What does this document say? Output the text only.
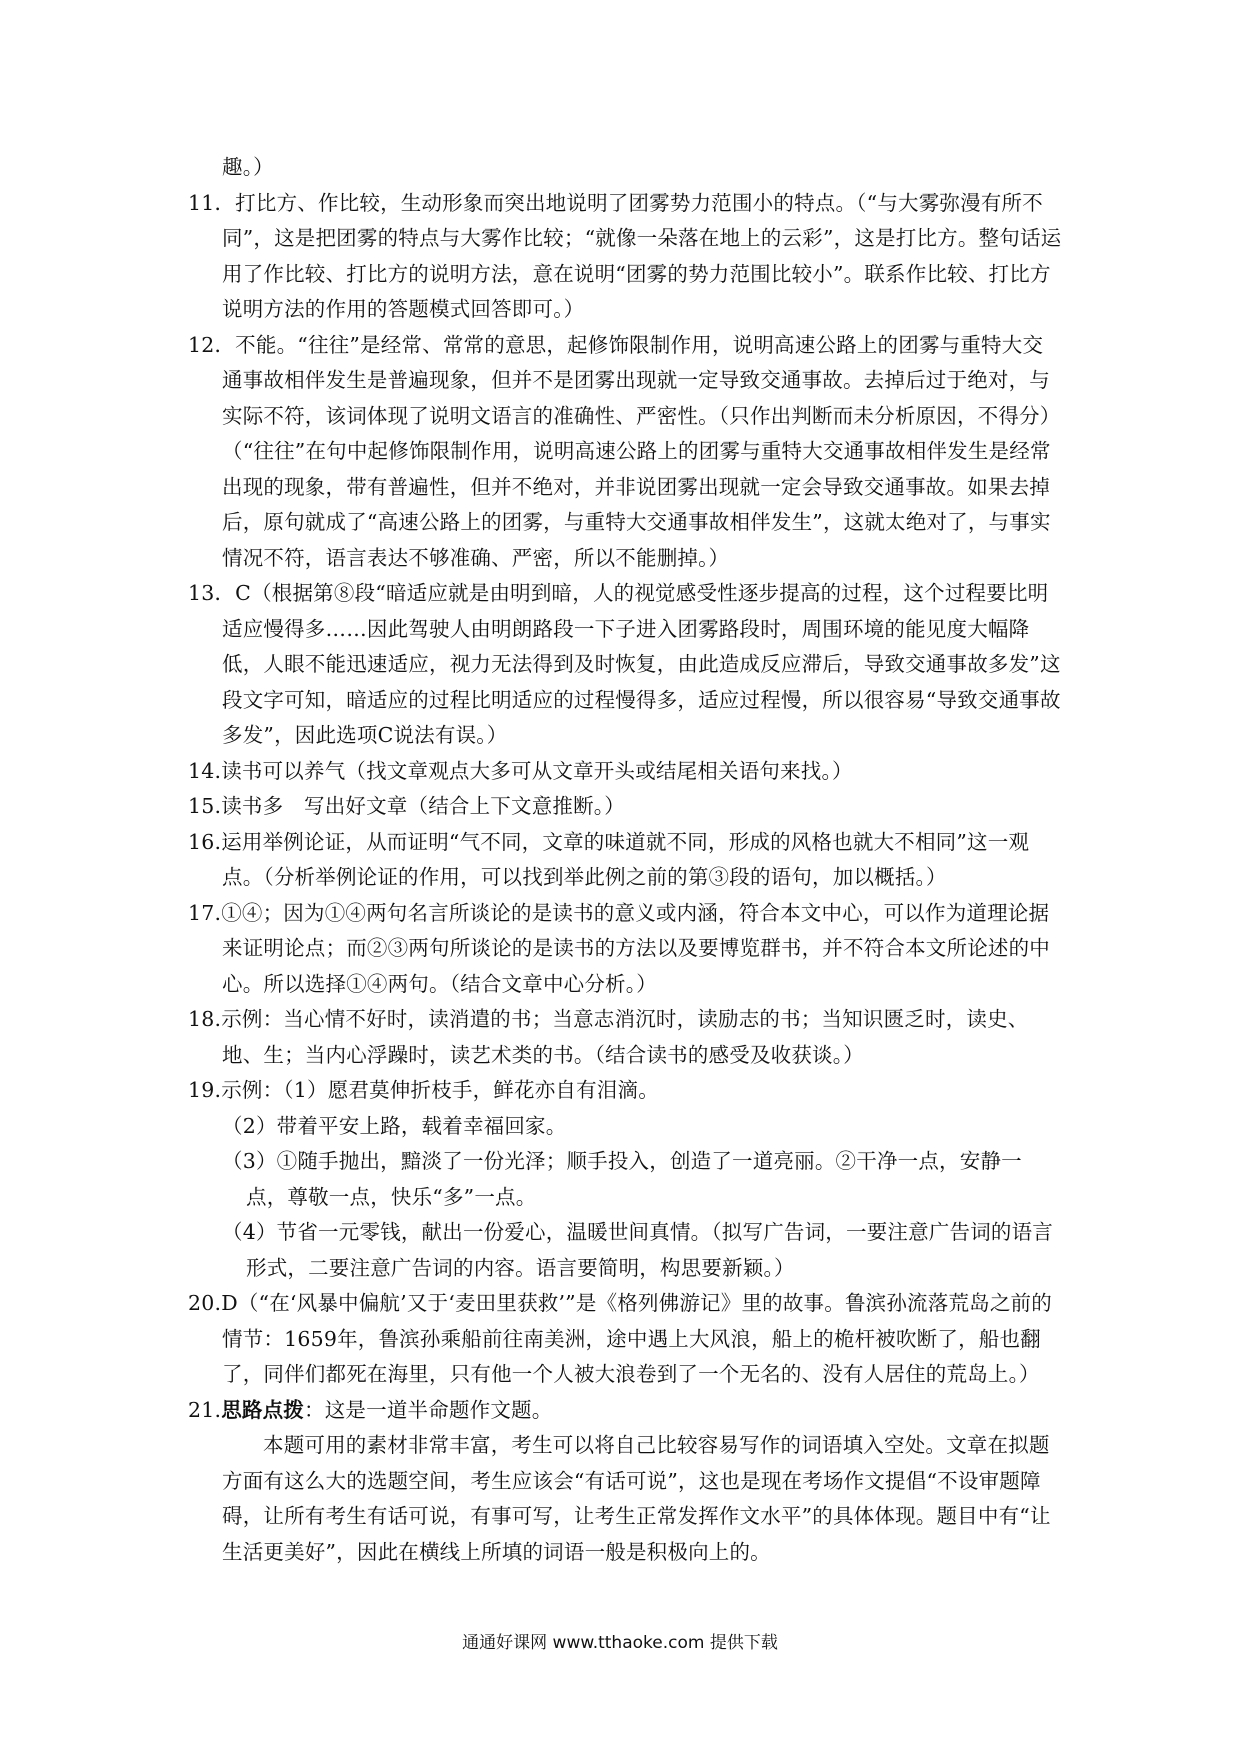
趣。）

11．打比方、作比较，生动形象而突出地说明了团雾势力范围小的特点。（“与大雾弥漫有所不同”，这是把团雾的特点与大雾作比较；“就像一朵落在地上的云彩”，这是打比方。整句话运用了作比较、打比方的说明方法，意在说明“团雾的势力范围比较小”。联系作比较、打比方说明方法的作用的答题模式回答即可。）

12．不能。“往往”是经常、常常的意思，起修饰限制作用，说明高速公路上的团雾与重特大交通事故相伴发生是普遍现象，但并不是团雾出现就一定导致交通事故。去掉后过于绝对，与实际不符，该词体现了说明文语言的准确性、严密性。（只作出判断而未分析原因，不得分）（“往往”在句中起修饰限制作用，说明高速公路上的团雾与重特大交通事故相伴发生是经常出现的现象，带有普遍性，但并不绝对，并非说团雾出现就一定会导致交通事故。如果去掉后，原句就成了“高速公路上的团雾，与重特大交通事故相伴发生”，这就太绝对了，与事实情况不符，语言表达不够准确、严密，所以不能删掉。）

13．C（根据第⑧段“暗适应就是由明到暗，人的视觉感受性逐步提高的过程，这个过程要比明适应慢得多……因此驾驶人由明朗路段一下子进入团雾路段时，周围环境的能见度大幅降低，人眼不能迅速适应，视力无法得到及时恢复，由此造成反应滞后，导致交通事故多发”这段文字可知，暗适应的过程比明适应的过程慢得多，适应过程慢，所以很容易“导致交通事故多发”，因此选项C说法有误。）

14.读书可以养气（找文章观点大多可从文章开头或结尾相关语句来找。）

15.读书多　写出好文章（结合上下文意推断。）

16.运用举例论证，从而证明“气不同，文章的味道就不同，形成的风格也就大不相同”这一观点。（分析举例论证的作用，可以找到举此例之前的第③段的语句，加以概括。）

17.①④；因为①④两句名言所谈论的是读书的意义或内涵，符合本文中心，可以作为道理论据来证明论点；而②③两句所谈论的是读书的方法以及要博览群书，并不符合本文所论述的中心。所以选择①④两句。（结合文章中心分析。）

18.示例：当心情不好时，读消遣的书；当意志消沉时，读励志的书；当知识匮乏时，读史、地、生；当内心浮躁时，读艺术类的书。（结合读书的感受及收获谈。）

19.示例：（1）愿君莫伸折枝手，鲜花亦自有泪滴。

（2）带着平安上路，载着幸福回家。

（3）①随手抛出，黯淡了一份光泽；顺手投入，创造了一道亮丽。②干净一点，安静一点，尊敬一点，快乐“多”一点。

（4）节省一元零钱，献出一份爱心，温暖世间真情。（拟写广告词，一要注意广告词的语言形式，二要注意广告词的内容。语言要简明，构思要新颖。）

20.D（“在‘风暴中偏航’又于‘麦田里获救’”是《格列佛游记》里的故事。鲁滨孙流落荒岛之前的情节：1659年，鲁滨孙乘船前往南美洲，途中遇上大风浪，船上的桅杆被吹断了，船也翻了，同伴们都死在海里，只有他一个人被大浪卷到了一个无名的、没有人居住的荒岛上。）

21.思路点拨：这是一道半命题作文题。

本题可用的素材非常丰富，考生可以将自己比较容易写作的词语填入空处。文章在拟题方面有这么大的选题空间，考生应该会“有话可说”，这也是现在考场作文提倡“不设审题障碍，让所有考生有话可说，有事可写，让考生正常发挥作文水平”的具体体现。题目中有“让生活更美好”，因此在横线上所填的词语一般是积极向上的。

通通好课网 www.tthaoke.com 提供下载
